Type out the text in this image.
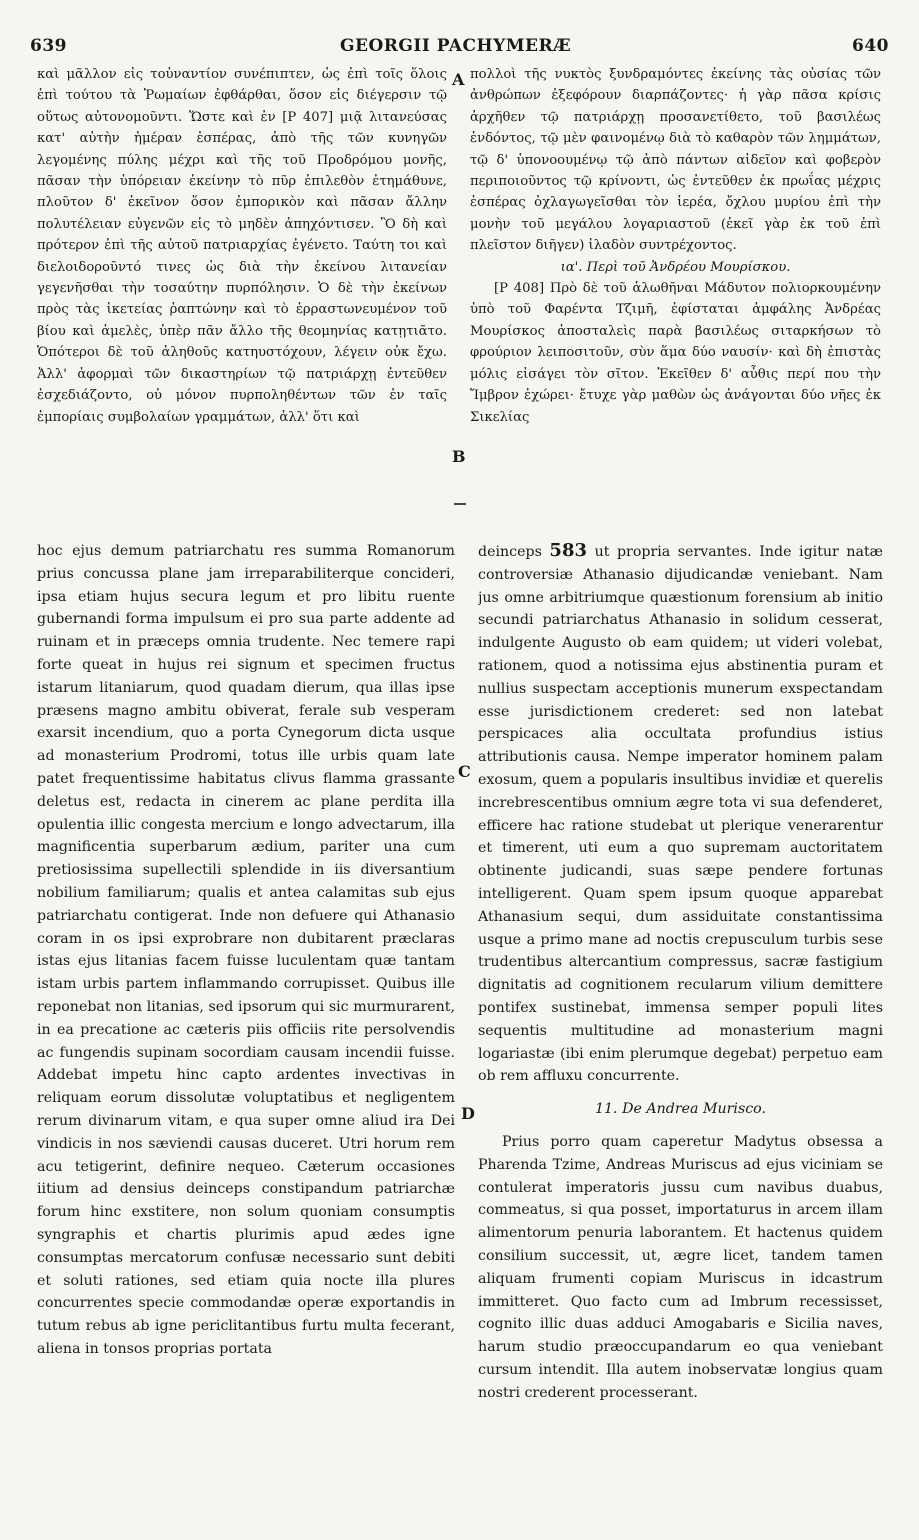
639	GEORGII PACHYMERÆ	640

καὶ μᾶλλον εἰς τοὐναντίον συνέπιπτεν, ὡς ἐπὶ τοῖς ὅλοις ἐπὶ τούτου τὰ Ῥωμαίων ἐφθάρθαι, ὅσον εἰς διέγερσιν τῷ οὕτως αὐτονομοῦντι. Ὥστε καὶ ἐν [P 407] μιᾷ λιτανεύσας κατ' αὐτὴν ἡμέραν ἑσπέρας, ἀπὸ τῆς τῶν κυνηγῶν λεγομένης πύλης μέχρι καὶ τῆς τοῦ Προδρόμου μονῆς, πᾶσαν τὴν ὑπόρειαν ἐκείνην τὸ πῦρ ἐπιλεθὸν ἐτημάθυνε, πλοῦτον δ' ἐκεῖνον ὅσον ἐμπορικὸν καὶ πᾶσαν ἄλλην πολυτέλειαν εὐγενῶν εἰς τὸ μηδὲν ἀπηχόντισεν. Ὃ δὴ καὶ πρότερον ἐπὶ τῆς αὐτοῦ πατριαρχίας ἐγένετο. Ταύτη τοι καὶ διελοιδοροῦντό τινες ὡς διὰ τὴν ἐκείνου λιτανείαν γεγενῆσθαι τὴν τοσαύτην πυρπόλησιν. Ὁ δὲ τὴν ἐκείνων πρὸς τὰς ἱκετείας ῥαπτώνην καὶ τὸ ἐρραστωνευμένον τοῦ βίου καὶ ἀμελὲς, ὑπὲρ πᾶν ἄλλο τῆς θεομηνίας κατῃτιᾶτο. Ὁπότεροι δὲ τοῦ ἀληθοῦς κατηυστόχουν, λέγειν οὐκ ἔχω. Ἀλλ' ἀφορμαὶ τῶν δικαστηρίων τῷ πατριάρχῃ ἐντεῦθεν ἐσχεδιάζοντο, οὐ μόνον πυρποληθέντων τῶν ἐν ταῖς ἐμπορίαις συμβολαίων γραμμάτων, ἀλλ' ὅτι καὶ

πολλοὶ τῆς νυκτὸς ξυνδραμόντες ἐκείνης τὰς οὐσίας τῶν ἀνθρώπων ἐξεφόρουν διαρπάζοντες· ἡ γὰρ πᾶσα κρίσις ἀρχῆθεν τῷ πατριάρχῃ προσανετίθετο, τοῦ βασιλέως ἐνδόντος, τῷ μὲν φαινομένῳ διὰ τὸ καθαρὸν τῶν λημμάτων, τῷ δ' ὑπονοουμένῳ τῷ ἀπὸ πάντων αἰδεῖον καὶ φοβερὸν περιποιοῦντος τῷ κρίνοντι, ὡς ἐντεῦθεν ἐκ πρωΐας μέχρις ἑσπέρας ὀχλαγωγεῖσθαι τὸν ἱερέα, ὄχλου μυρίου ἐπὶ τὴν μονὴν τοῦ μεγάλου λογαριαστοῦ (ἐκεῖ γὰρ ἐκ τοῦ ἐπὶ πλεῖστον διῆγεν) ἰλαδὸν συντρέχοντος.

ια'. Περὶ τοῦ Ἀνδρέου Μουρίσκου.

[P 408] Πρὸ δὲ τοῦ ἁλωθῆναι Μάδυτον πολιορκουμένην ὑπὸ τοῦ Φαρέντα Τζιμῆ, ἐφίσταται ἀμφάλης Ἀνδρέας Μουρίσκος ἀποσταλεὶς παρὰ βασιλέως σιταρκήσων τὸ φρούριον λειποσιτοῦν, σὺν ἅμα δύο ναυσίν· καὶ δὴ ἐπιστὰς μόλις εἰσάγει τὸν σῖτον. Ἐκεῖθεν δ' αὖθις περί που τὴν Ἴμβρον ἐχώρει· ἔτυχε γὰρ μαθὼν ὡς ἀνάγονται δύο νῆες ἐκ Σικελίας

A
B
C
D

hoc ejus demum patriarchatu res summa Romanorum prius concussa plane jam irreparabiliterque concideri, ipsa etiam hujus secura legum et pro libitu ruente gubernandi forma impulsum ei pro sua parte addente ad ruinam et in præceps omnia trudente. Nec temere rapi forte queat in hujus rei signum et specimen fructus istarum litaniarum, quod quadam dierum, qua illas ipse præsens magno ambitu obiverat, ferale sub vesperam exarsit incendium, quo a porta Cynegorum dicta usque ad monasterium Prodromi, totus ille urbis quam late patet frequentissime habitatus clivus flamma grassante deletus est, redacta in cinerem ac plane perdita illa opulentia illic congesta mercium e longo advectarum, illa magnificentia superbarum ædium, pariter una cum pretiosissima supellectili splendide in iis diversantium nobilium familiarum; qualis et antea calamitas sub ejus patriarchatu contigerat. Inde non defuere qui Athanasio coram in os ipsi exprobrare non dubitarent præclaras istas ejus litanias facem fuisse luculentam quæ tantam istam urbis partem inflammando corrupisset. Quibus ille reponebat non litanias, sed ipsorum qui sic murmurarent, in ea precatione ac cæteris piis officiis rite persolvendis ac fungendis supinam socordiam causam incendii fuisse. Addebat impetu hinc capto ardentes invectivas in reliquam eorum dissolutæ voluptatibus et negligentem rerum divinarum vitam, e qua super omne aliud ira Dei vindicis in nos sæviendi causas duceret. Utri horum rem acu tetigerint, definire nequeo. Cæterum occasiones iitium ad densius deinceps constipandum patriarchæ forum hinc exstitere, non solum quoniam consumptis syngraphis et chartis plurimis apud ædes igne consumptas mercatorum confusæ necessario sunt debiti et soluti rationes, sed etiam quia nocte illa plures concurrentes specie commodandæ operæ exportandis in tutum rebus ab igne periclitantibus furtu multa fecerant, aliena in tonsos proprias portata

deinceps 583 ut propria servantes. Inde igitur natæ controversiæ Athanasio dijudicandæ veniebant. Nam jus omne arbitriumque quæstionum forensium ab initio secundi patriarchatus Athanasio in solidum cesserat, indulgente Augusto ob eam quidem; ut videri volebat, rationem, quod a notissima ejus abstinentia puram et nullius suspectam acceptionis munerum exspectandam esse jurisdictionem crederet: sed non latebat perspicaces alia occultata profundius istius attributionis causa. Nempe imperator hominem palam exosum, quem a popularis insultibus invidiæ et querelis increbrescentibus omnium ægre tota vi sua defenderet, efficere hac ratione studebat ut plerique venerarentur et timerent, uti eum a quo supremam auctoritatem obtinente judicandi, suas sæpe pendere fortunas intelligerent. Quam spem ipsum quoque apparebat Athanasium sequi, dum assiduitate constantissima usque a primo mane ad noctis crepusculum turbis sese trudentibus altercantium compressus, sacræ fastigium dignitatis ad cognitionem recularum vilium demittere pontifex sustinebat, immensa semper populi lites sequentis multitudine ad monasterium magni logariastæ (ibi enim plerumque degebat) perpetuo eam ob rem affluxu concurrente.

11. De Andrea Murisco.

Prius porro quam caperetur Madytus obsessa a Pharenda Tzime, Andreas Muriscus ad ejus viciniam se contulerat imperatoris jussu cum navibus duabus, commeatus, si qua posset, importaturus in arcem illam alimentorum penuria laborantem. Et hactenus quidem consilium successit, ut, ægre licet, tandem tamen aliquam frumenti copiam Muriscus in idcastrum immitteret. Quo facto cum ad Imbrum recessisset, cognito illic duas adduci Amogabaris e Sicilia naves, harum studio præoccupandarum eo qua veniebant cursum intendit. Illa autem inobservatæ longius quam nostri crederent processerant.
